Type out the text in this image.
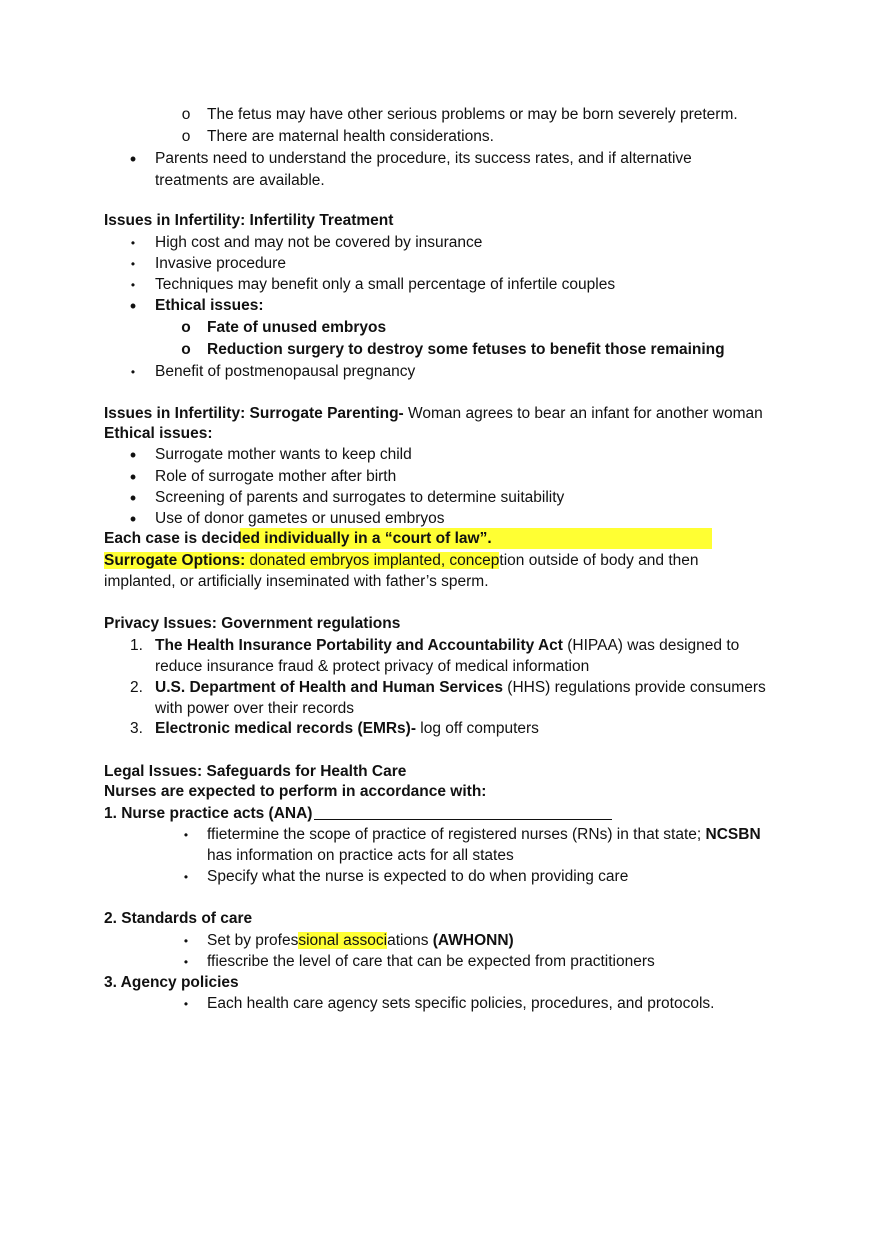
o The fetus may have other serious problems or may be born severely preterm.
o There are maternal health considerations.
•	Parents need to understand the procedure, its success rates, and if alternative
treatments are available.
Issues in Infertility: Infertility Treatment
•	High cost and may not be covered by insurance
•	Invasive procedure
•	Techniques may benefit only a small percentage of infertile couples
•	Ethical issues:
o Fate of unused embryos
o Reduction surgery to destroy some fetuses to benefit those remaining
•	Benefit of postmenopausal pregnancy
Issues in Infertility: Surrogate Parenting- Woman agrees to bear an infant for another woman
Ethical issues:
•	Surrogate mother wants to keep child
•	Role of surrogate mother after birth
•	Screening of parents and surrogates to determine suitability
•	Use of donor gametes or unused embryos
Each case is decided individually in a “court of law”.
Surrogate Options: donated embryos implanted, conception outside of body and then
implanted, or artificially inseminated with father’s sperm.
Privacy Issues: Government regulations
1. The Health Insurance Portability and Accountability Act (HIPAA) was designed to
reduce insurance fraud & protect privacy of medical information
2. U.S. Department of Health and Human Services (HHS) regulations provide consumers
with power over their records
3. Electronic medical records (EMRs)- log off computers
Legal Issues: Safeguards for Health Care
Nurses are expected to perform in accordance with:
1. Nurse practice acts (ANA)
•	ffietermine the scope of practice of registered nurses (RNs) in that state; NCSBN
has information on practice acts for all states
•	Specify what the nurse is expected to do when providing care
2. Standards of care
•	Set by professional associations (AWHONN)
•	ffiescribe the level of care that can be expected from practitioners
3. Agency policies
•	Each health care agency sets specific policies, procedures, and protocols.
